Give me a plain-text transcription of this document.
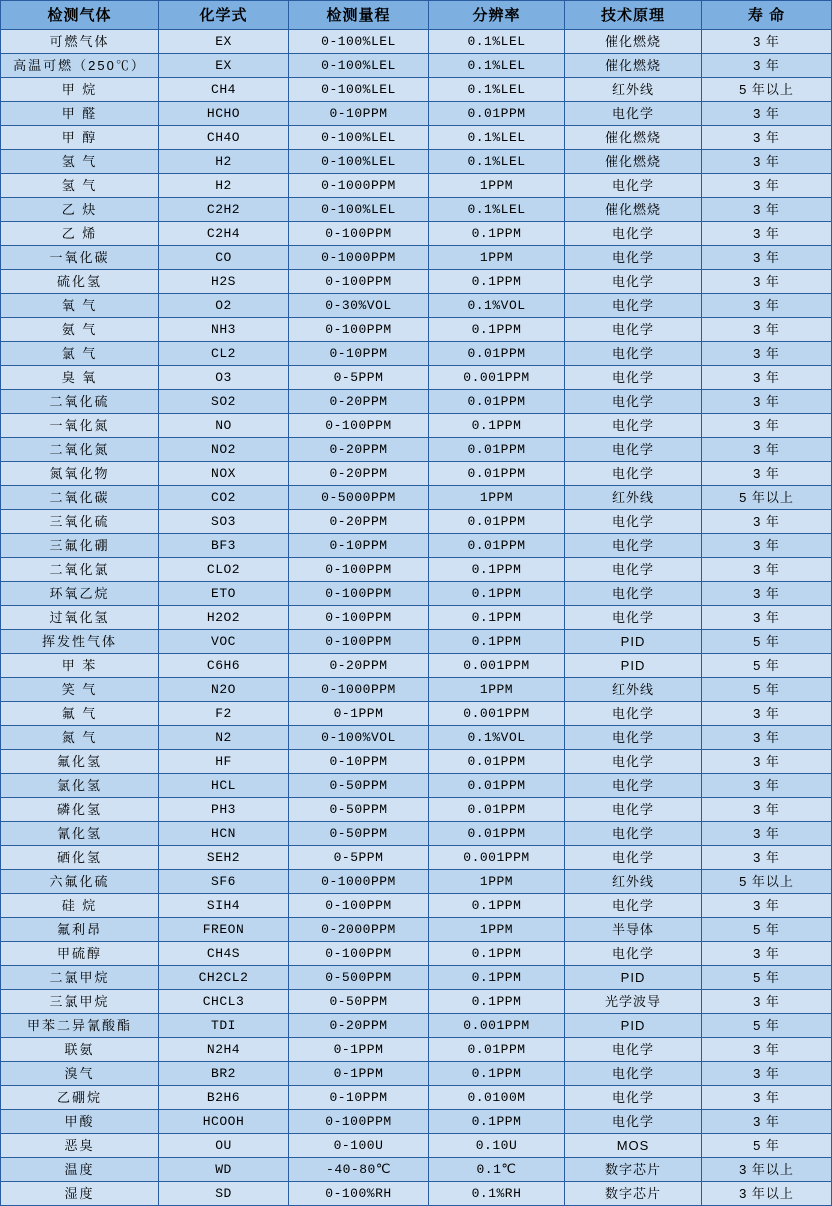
检测气体	化学式	检测量程	分辨率	技术原理	寿 命
可燃气体	EX	0-100%LEL	0.1%LEL	催化燃烧	3 年
高温可燃（250℃）	EX	0-100%LEL	0.1%LEL	催化燃烧	3 年
甲 烷	CH4	0-100%LEL	0.1%LEL	红外线	5 年以上
甲 醛	HCHO	0-10PPM	0.01PPM	电化学	3 年
甲 醇	CH4O	0-100%LEL	0.1%LEL	催化燃烧	3 年
氢 气	H2	0-100%LEL	0.1%LEL	催化燃烧	3 年
氢 气	H2	0-1000PPM	1PPM	电化学	3 年
乙 炔	C2H2	0-100%LEL	0.1%LEL	催化燃烧	3 年
乙 烯	C2H4	0-100PPM	0.1PPM	电化学	3 年
一氧化碳	CO	0-1000PPM	1PPM	电化学	3 年
硫化氢	H2S	0-100PPM	0.1PPM	电化学	3 年
氧 气	O2	0-30%VOL	0.1%VOL	电化学	3 年
氨 气	NH3	0-100PPM	0.1PPM	电化学	3 年
氯 气	CL2	0-10PPM	0.01PPM	电化学	3 年
臭 氧	O3	0-5PPM	0.001PPM	电化学	3 年
二氧化硫	SO2	0-20PPM	0.01PPM	电化学	3 年
一氧化氮	NO	0-100PPM	0.1PPM	电化学	3 年
二氧化氮	NO2	0-20PPM	0.01PPM	电化学	3 年
氮氧化物	NOX	0-20PPM	0.01PPM	电化学	3 年
二氧化碳	CO2	0-5000PPM	1PPM	红外线	5 年以上
三氧化硫	SO3	0-20PPM	0.01PPM	电化学	3 年
三氟化硼	BF3	0-10PPM	0.01PPM	电化学	3 年
二氧化氯	CLO2	0-100PPM	0.1PPM	电化学	3 年
环氧乙烷	ETO	0-100PPM	0.1PPM	电化学	3 年
过氧化氢	H2O2	0-100PPM	0.1PPM	电化学	3 年
挥发性气体	VOC	0-100PPM	0.1PPM	PID	5 年
甲 苯	C6H6	0-20PPM	0.001PPM	PID	5 年
笑 气	N2O	0-1000PPM	1PPM	红外线	5 年
氟 气	F2	0-1PPM	0.001PPM	电化学	3 年
氮 气	N2	0-100%VOL	0.1%VOL	电化学	3 年
氟化氢	HF	0-10PPM	0.01PPM	电化学	3 年
氯化氢	HCL	0-50PPM	0.01PPM	电化学	3 年
磷化氢	PH3	0-50PPM	0.01PPM	电化学	3 年
氰化氢	HCN	0-50PPM	0.01PPM	电化学	3 年
硒化氢	SEH2	0-5PPM	0.001PPM	电化学	3 年
六氟化硫	SF6	0-1000PPM	1PPM	红外线	5 年以上
硅 烷	SIH4	0-100PPM	0.1PPM	电化学	3 年
氟利昂	FREON	0-2000PPM	1PPM	半导体	5 年
甲硫醇	CH4S	0-100PPM	0.1PPM	电化学	3 年
二氯甲烷	CH2CL2	0-500PPM	0.1PPM	PID	5 年
三氯甲烷	CHCL3	0-50PPM	0.1PPM	光学波导	3 年
甲苯二异氰酸酯	TDI	0-20PPM	0.001PPM	PID	5 年
联氨	N2H4	0-1PPM	0.01PPM	电化学	3 年
溴气	BR2	0-1PPM	0.1PPM	电化学	3 年
乙硼烷	B2H6	0-10PPM	0.0100M	电化学	3 年
甲酸	HCOOH	0-100PPM	0.1PPM	电化学	3 年
恶臭	OU	0-100U	0.10U	MOS	5 年
温度	WD	-40-80℃	0.1℃	数字芯片	3 年以上
湿度	SD	0-100%RH	0.1%RH	数字芯片	3 年以上
